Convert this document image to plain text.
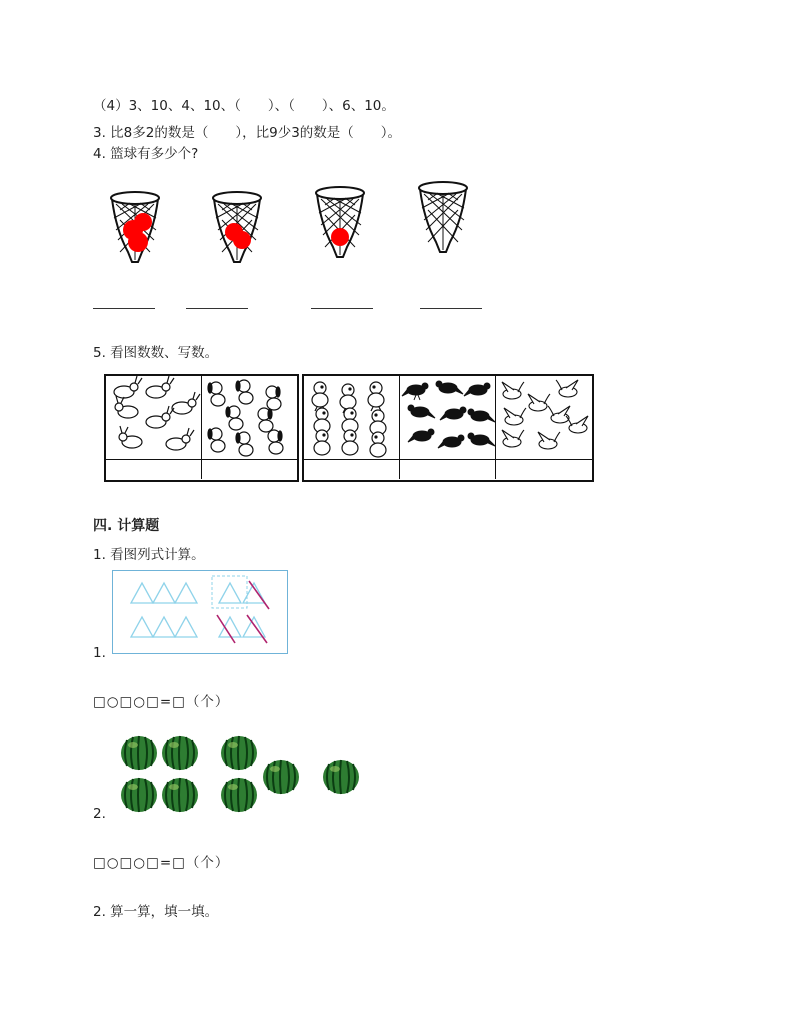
（4）3、10、4、10、（　　）、（　　）、6、10。
3. 比8多2的数是（　　），比9少3的数是（　　）。
4. 篮球有多少个?
5. 看图数数、写数。
四. 计算题
1. 看图列式计算。
1.
□○□○□=□（个）
2.
□○□○□=□（个）
2. 算一算，填一填。
